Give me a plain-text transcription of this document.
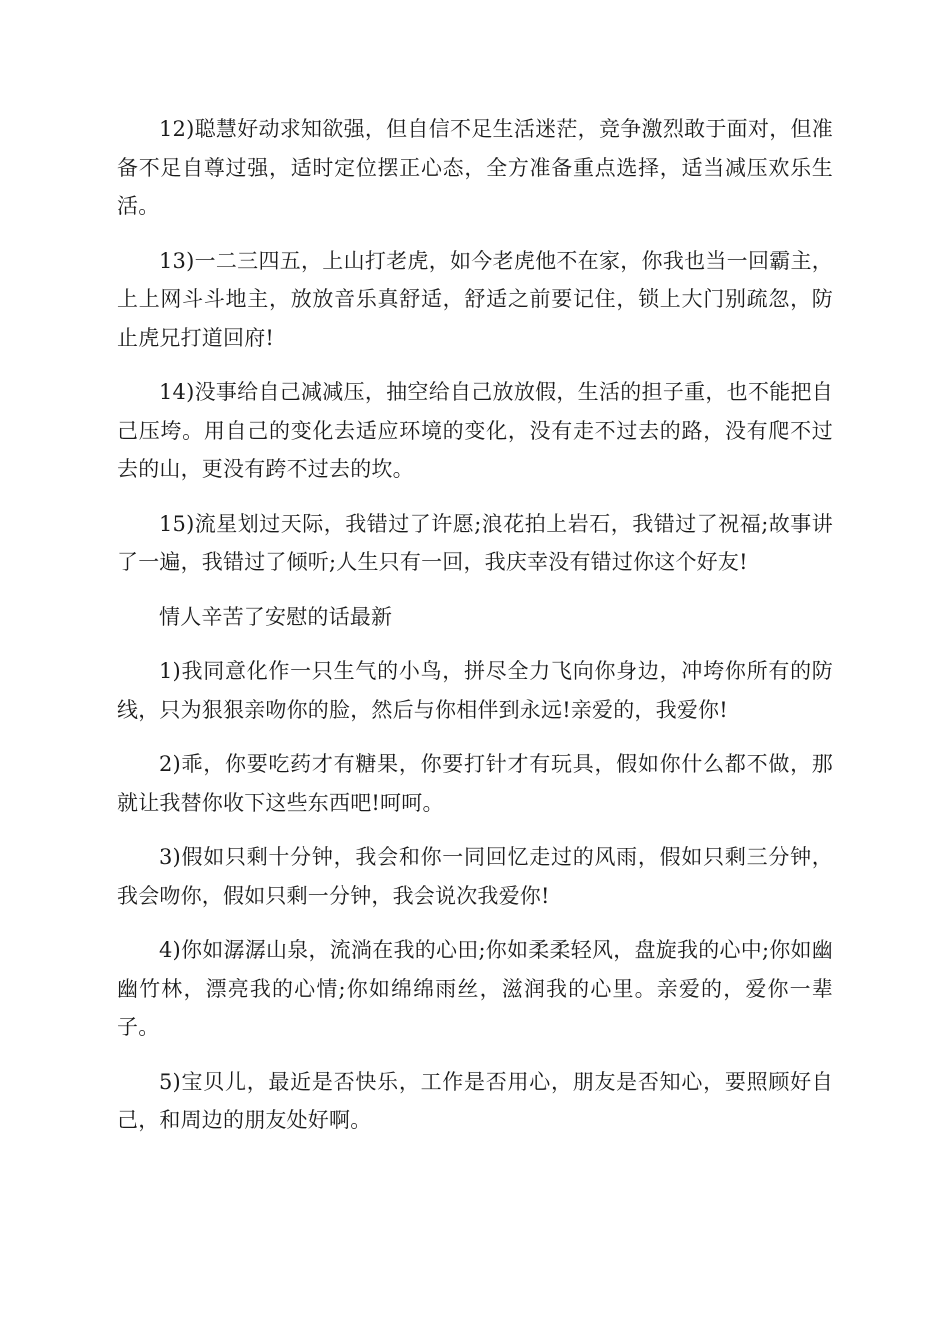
12)聪慧好动求知欲强，但自信不足生活迷茫，竞争激烈敢于面对，但准备不足自尊过强，适时定位摆正心态，全方准备重点选择，适当减压欢乐生活。

13)一二三四五，上山打老虎，如今老虎他不在家，你我也当一回霸主，上上网斗斗地主，放放音乐真舒适，舒适之前要记住，锁上大门别疏忽，防止虎兄打道回府!

14)没事给自己减减压，抽空给自己放放假，生活的担子重，也不能把自己压垮。用自己的变化去适应环境的变化，没有走不过去的路，没有爬不过去的山，更没有跨不过去的坎。

15)流星划过天际，我错过了许愿;浪花拍上岩石，我错过了祝福;故事讲了一遍，我错过了倾听;人生只有一回，我庆幸没有错过你这个好友!

情人辛苦了安慰的话最新

1)我同意化作一只生气的小鸟，拼尽全力飞向你身边，冲垮你所有的防线，只为狠狠亲吻你的脸，然后与你相伴到永远!亲爱的，我爱你!

2)乖，你要吃药才有糖果，你要打针才有玩具，假如你什么都不做，那就让我替你收下这些东西吧!呵呵。

3)假如只剩十分钟，我会和你一同回忆走过的风雨，假如只剩三分钟，我会吻你，假如只剩一分钟，我会说次我爱你!

4)你如潺潺山泉，流淌在我的心田;你如柔柔轻风，盘旋我的心中;你如幽幽竹林，漂亮我的心情;你如绵绵雨丝，滋润我的心里。亲爱的，爱你一辈子。

5)宝贝儿，最近是否快乐，工作是否用心，朋友是否知心，要照顾好自己，和周边的朋友处好啊。
